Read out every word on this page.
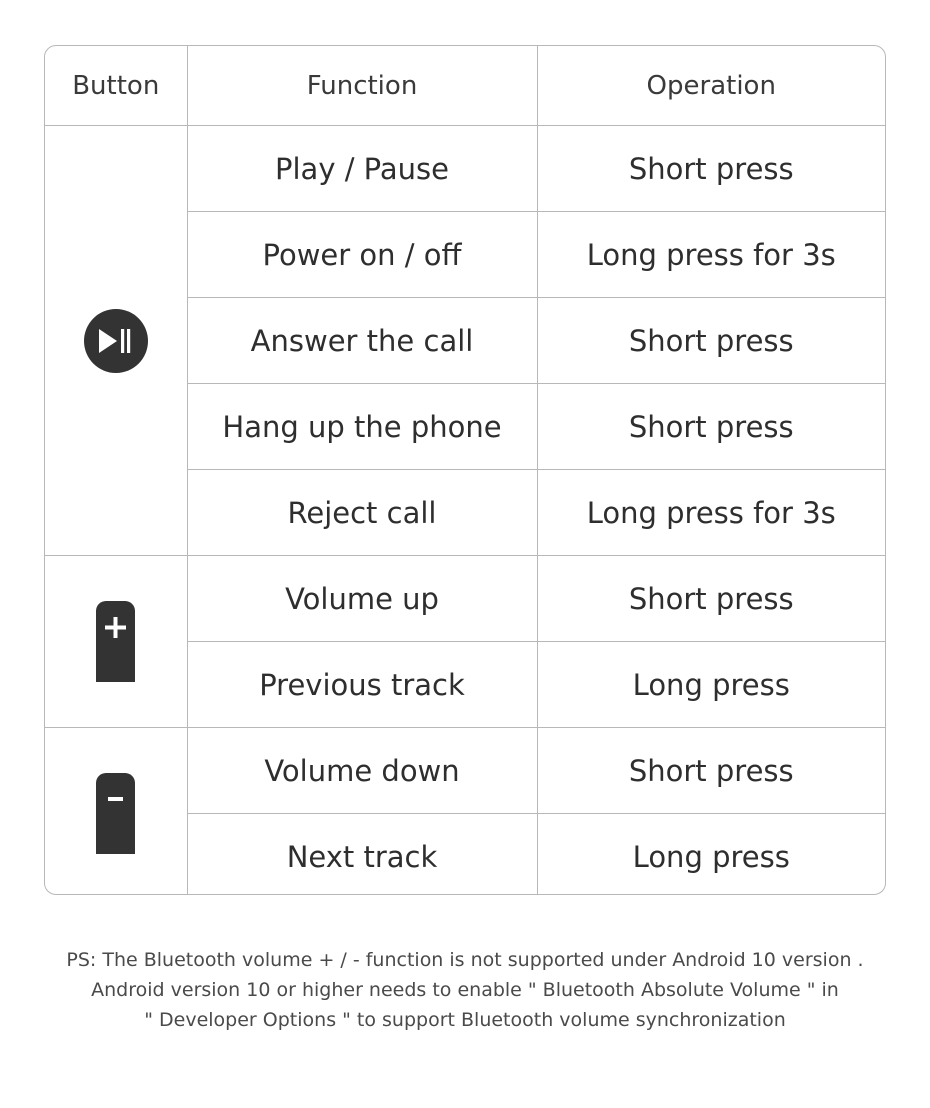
Button	Function	Operation

	Play / Pause	Short press
	Power on / off	Long press for 3s
	Answer the call	Short press
	Hang up the phone	Short press
	Reject call	Long press for 3s

	Volume up	Short press
	Previous track	Long press

	Volume down	Short press
	Next track	Long press
PS: The Bluetooth volume + / - function is not supported under Android 10 version .
Android version 10 or higher needs to enable " Bluetooth Absolute Volume " in
" Developer Options " to support Bluetooth volume synchronization
